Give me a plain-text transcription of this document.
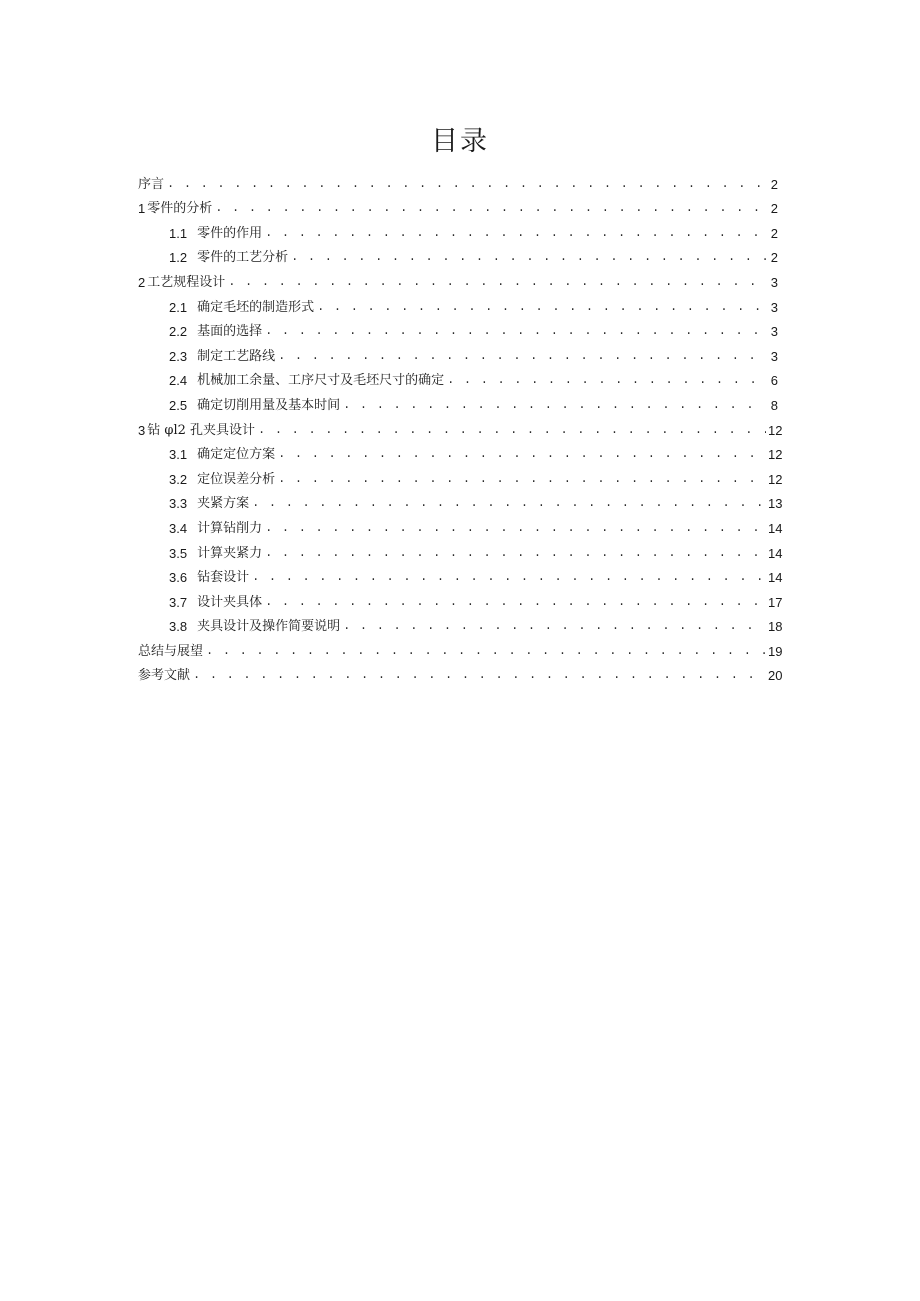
目录
序言 . . .	2
1 零件的分析 . . .	2
1.1 零件的作用 . . .	2
1.2 零件的工艺分析 . . .	2
2 工艺规程设计 . . .	3
2.1 确定毛坯的制造形式 . . .	3
2.2 基面的选择 . . .	3
2.3 制定工艺路线 . . .	3
2.4 机械加工余量、工序尺寸及毛坯尺寸的确定 . . .	6
2.5 确定切削用量及基本时间 . . .	8
3 钻 φl2 孔夹具设计 . . .	12
3.1 确定定位方案 . . .	12
3.2 定位误差分析 . . .	12
3.3 夹紧方案 . . .	13
3.4 计算钻削力 . . .	14
3.5 计算夹紧力 . . .	14
3.6 钻套设计 . . .	14
3.7 设计夹具体 . . .	17
3.8 夹具设计及操作简要说明 . . .	18
总结与展望 . . .	19
参考文献 . . .	20
